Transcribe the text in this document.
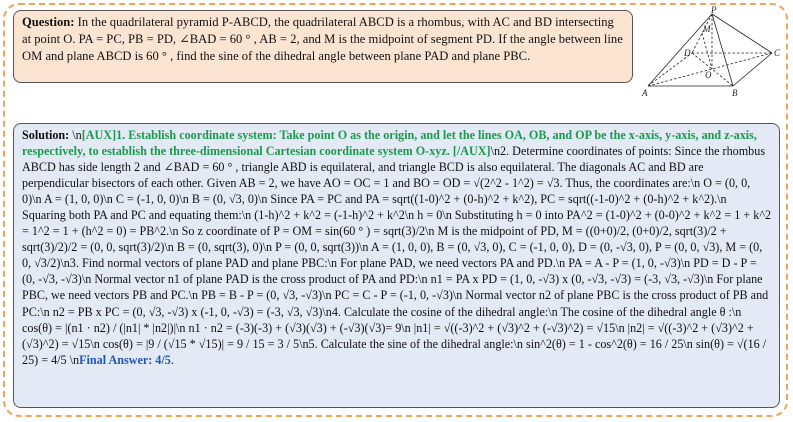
Question: In the quadrilateral pyramid P-ABCD, the quadrilateral ABCD is a rhombus, with AC and BD intersecting at point O. PA = PC, PB = PD, ∠BAD = 60 ° , AB = 2, and M is the midpoint of segment PD. If the angle between line OM and plane ABCD is 60 ° , find the sine of the dihedral angle between plane PAD and plane PBC.
P
M
D
O
C
A	B
Solution: \n[AUX]1. Establish coordinate system: Take point O as the origin, and let the lines OA, OB, and OP be the x-axis, y-axis, and z-axis, respectively, to establish the three-dimensional Cartesian coordinate system O-xyz. [/AUX]\n2. Determine coordinates of points: Since the rhombus ABCD has side length 2 and ∠BAD = 60 ° , triangle ABD is equilateral, and triangle BCD is also equilateral. The diagonals AC and BD are perpendicular bisectors of each other. Given AB = 2, we have AO = OC = 1 and BO = OD = √(2^2 - 1^2) = √3. Thus, the coordinates are:\n O = (0, 0, 0)\n A = (1, 0, 0)\n C = (-1, 0, 0)\n B = (0, √3, 0)\n Since PA = PC and PA = sqrt((1-0)^2 + (0-h)^2 + k^2), PC = sqrt((-1-0)^2 + (0-h)^2 + k^2).\n Squaring both PA and PC and equating them:\n (1-h)^2 + k^2 = (-1-h)^2 + k^2\n h = 0\n Substituting h = 0 into PA^2 = (1-0)^2 + (0-0)^2 + k^2 = 1 + k^2 = 1^2 = 1 + (h^2 = 0) = PB^2.\n So z coordinate of P = OM = sin(60 ° ) = sqrt(3)/2\n M is the midpoint of PD, M = ((0+0)/2, (0+0)/2, sqrt(3)/2 + sqrt(3)/2)/2 = (0, 0, sqrt(3)/2)\n B = (0, sqrt(3), 0)\n P = (0, 0, sqrt(3))\n A = (1, 0, 0), B = (0, √3, 0), C = (-1, 0, 0), D = (0, -√3, 0), P = (0, 0, √3), M = (0, 0, √3/2)\n3. Find normal vectors of plane PAD and plane PBC:\n For plane PAD, we need vectors PA and PD.\n PA = A - P = (1, 0, -√3)\n PD = D - P = (0, -√3, -√3)\n Normal vector n1 of plane PAD is the cross product of PA and PD:\n n1 = PA x PD = (1, 0, -√3) x (0, -√3, -√3) = (-3, √3, -√3)\n For plane PBC, we need vectors PB and PC.\n PB = B - P = (0, √3, -√3)\n PC = C - P = (-1, 0, -√3)\n Normal vector n2 of plane PBC is the cross product of PB and PC:\n n2 = PB x PC = (0, √3, -√3) x (-1, 0, -√3) = (-3, √3, √3)\n4. Calculate the cosine of the dihedral angle:\n The cosine of the dihedral angle θ :\n cos(θ) = |(n1 · n2) / (|n1| * |n2|)|\n n1 · n2 = (-3)(-3) + (√3)(√3) + (-√3)(√3)= 9\n |n1| = √((-3)^2 + (√3)^2 + (-√3)^2) = √15\n |n2| = √((-3)^2 + (√3)^2 + (√3)^2) = √15\n cos(θ) = |9 / (√15 * √15)| = 9 / 15 = 3 / 5\n5. Calculate the sine of the dihedral angle:\n sin^2(θ) = 1 - cos^2(θ) = 16 / 25\n sin(θ) = √(16 / 25) = 4/5 \nFinal Answer: 4/5.
